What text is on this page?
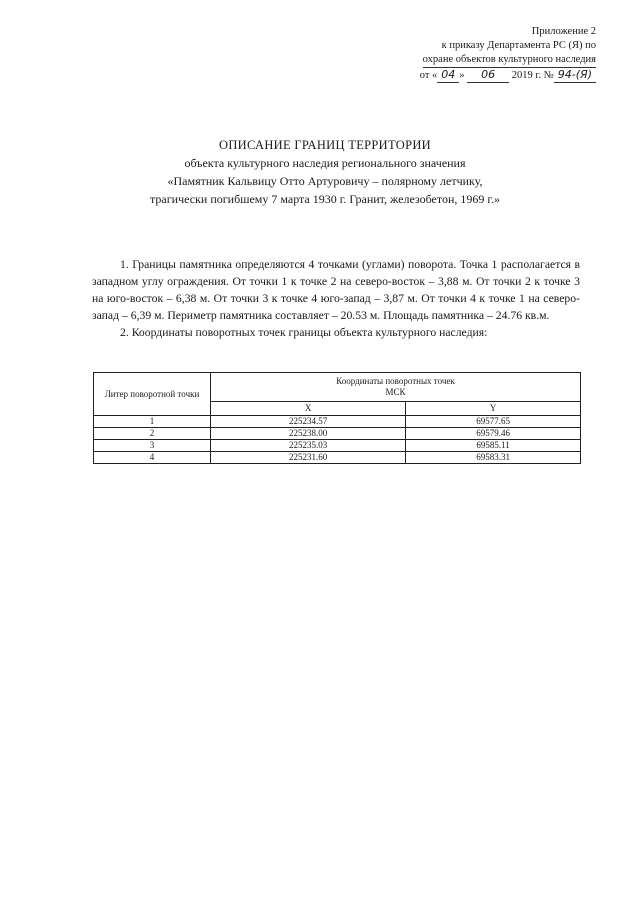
Приложение 2
к приказу Департамента РС (Я) по
охране объектов культурного наследия
от « 04 » 06 2019 г. № 94-(Я)
ОПИСАНИЕ ГРАНИЦ ТЕРРИТОРИИ
объекта культурного наследия регионального значения
«Памятник Кальвицу Отто Артуровичу – полярному летчику,
трагически погибшему 7 марта 1930 г. Гранит, железобетон, 1969 г.»

1. Границы памятника определяются 4 точками (углами) поворота. Точка 1 располагается в западном углу ограждения. От точки 1 к точке 2 на северо-восток – 3,88 м. От точки 2 к точке 3 на юго-восток – 6,38 м. От точки 3 к точке 4 юго-запад – 3,87 м. От точки 4 к точке 1 на северо-запад – 6,39 м. Периметр памятника составляет – 20.53 м. Площадь памятника – 24.76 кв.м.

2. Координаты поворотных точек границы объекта культурного наследия:

Литер поворотной точки	Координаты поворотных точек
МСК	

	X	Y
1	225234.57	69577.65
2	225238.00	69579.46
3	225235.03	69585.11
4	225231.60	69583.31
